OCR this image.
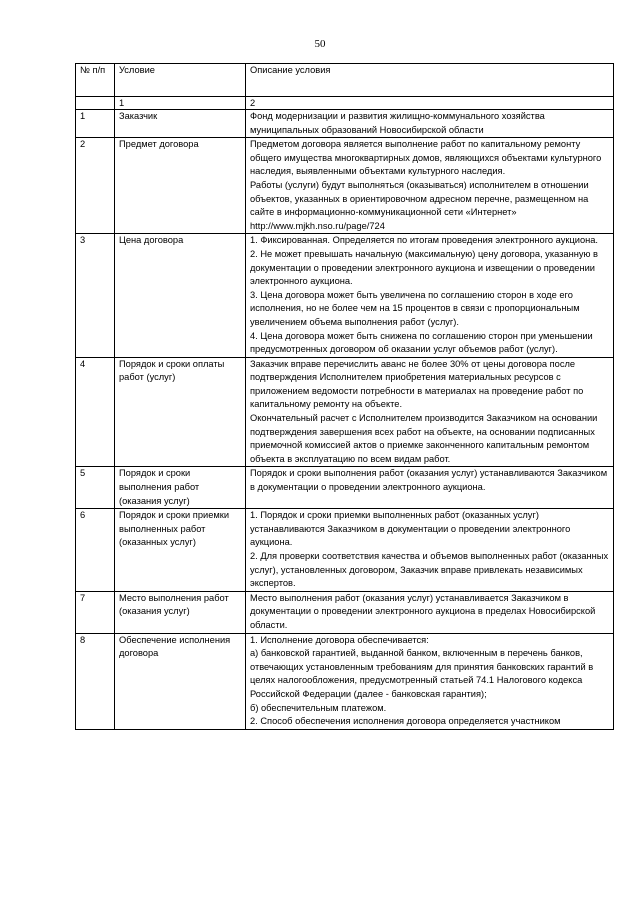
50
№ п/п	Условие	Описание условия
	1	2
1	Заказчик	Фонд модернизации и развития жилищно-коммунального хозяйства муниципальных образований Новосибирской области

2	Предмет договора	Предметом договора является выполнение работ по капитальному ремонту общего имущества многоквартирных домов, являющихся объектами культурного наследия, выявленными объектами культурного наследия.

Работы (услуги) будут выполняться (оказываться) исполнителем в отношении объектов, указанных в ориентировочном адресном перечне, размещенном на сайте в информационно-коммуникационной сети «Интернет» http://www.mjkh.nso.ru/page/724

3	Цена договора	1. Фиксированная. Определяется по итогам проведения электронного аукциона.

2. Не может превышать начальную (максимальную) цену договора, указанную в документации о проведении электронного аукциона и извещении о проведении электронного аукциона.

3. Цена договора может быть увеличена по соглашению сторон в ходе его исполнения, но не более чем на 15 процентов в связи с пропорциональным увеличением объема выполнения работ (услуг).

4. Цена договора может быть снижена по соглашению сторон при уменьшении предусмотренных договором об оказании услуг объемов работ (услуг).

4	Порядок и сроки оплаты работ (услуг)	Заказчик вправе перечислить аванс не более 30% от цены договора после подтверждения Исполнителем приобретения материальных ресурсов с приложением ведомости потребности в материалах на проведение работ по капитальному ремонту на объекте.

Окончательный расчет с Исполнителем производится Заказчиком на основании подтверждения завершения всех работ на объекте, на основании подписанных приемочной комиссией актов о приемке законченного капитальным ремонтом объекта в эксплуатацию по всем видам работ.

5	Порядок и сроки выполнения работ (оказания услуг)	Порядок и сроки выполнения работ (оказания услуг) устанавливаются Заказчиком в документации о проведении электронного аукциона.

6	Порядок и сроки приемки выполненных работ (оказанных услуг)	1. Порядок и сроки приемки выполненных работ (оказанных услуг) устанавливаются Заказчиком в документации о проведении электронного аукциона.

2. Для проверки соответствия качества и объемов выполненных работ (оказанных услуг), установленных договором, Заказчик вправе привлекать независимых экспертов.

7	Место выполнения работ (оказания услуг)	Место выполнения работ (оказания услуг) устанавливается Заказчиком в документации о проведении электронного аукциона в пределах Новосибирской области.

8	Обеспечение исполнения договора	1. Исполнение договора обеспечивается:

а) банковской гарантией, выданной банком, включенным в перечень банков, отвечающих установленным требованиям для принятия банковских гарантий в целях налогообложения, предусмотренный статьей 74.1 Налогового кодекса Российской Федерации (далее - банковская гарантия);

б) обеспечительным платежом.

2. Способ обеспечения исполнения договора определяется участником
